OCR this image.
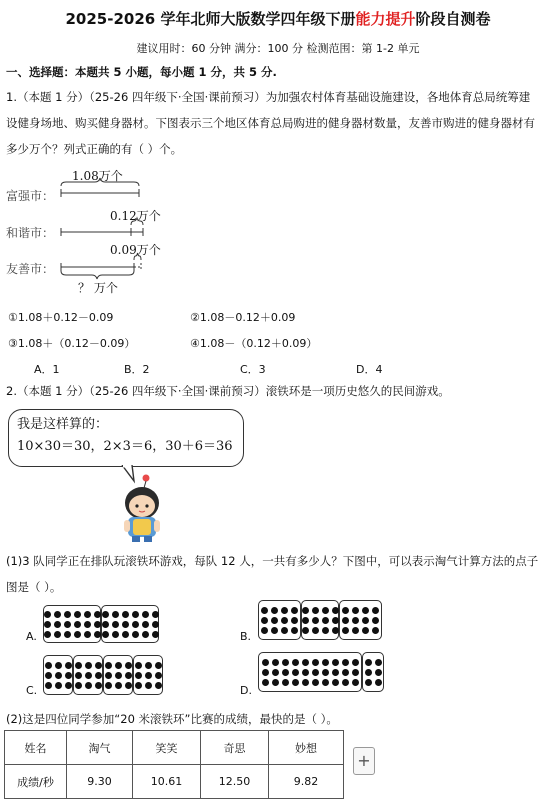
2025-2026 学年北师大版数学四年级下册能力提升阶段自测卷
建议用时：60 分钟 满分：100 分 检测范围：第 1-2 单元
一、选择题：本题共 5 小题，每小题 1 分，共 5 分.
1.（本题 1 分）（25-26 四年级下·全国·课前预习）为加强农村体育基础设施建设，各地体育总局统筹建
设健身场地、购买健身器材。下图表示三个地区体育总局购进的健身器材数量，友善市购进的健身器材有
多少万个？列式正确的有（ ）个。
1.08万个
富强市：
0.12万个
和谐市：
0.09万个
友善市：
？ 万个
①1.08＋0.12－0.09	②1.08－0.12＋0.09
③1.08＋（0.12－0.09）	④1.08－（0.12＋0.09）
A．1	B．2	C．3	D．4
2.（本题 1 分）（25-26 四年级下·全国·课前预习）滚铁环是一项历史悠久的民间游戏。
我是这样算的：
10×30＝30，2×3＝6，30＋6＝36
(1)3 队同学正在排队玩滚铁环游戏，每队 12 人，一共有多少人？下图中，可以表示淘气计算方法的点子
图是（ ）。
A.	B.
C.	D.
(2)这是四位同学参加“20 米滚铁环”比赛的成绩，最快的是（ ）。
姓名	淘气	笑笑	奇思	妙想
成绩/秒	9.30	10.61	12.50	9.82
+
